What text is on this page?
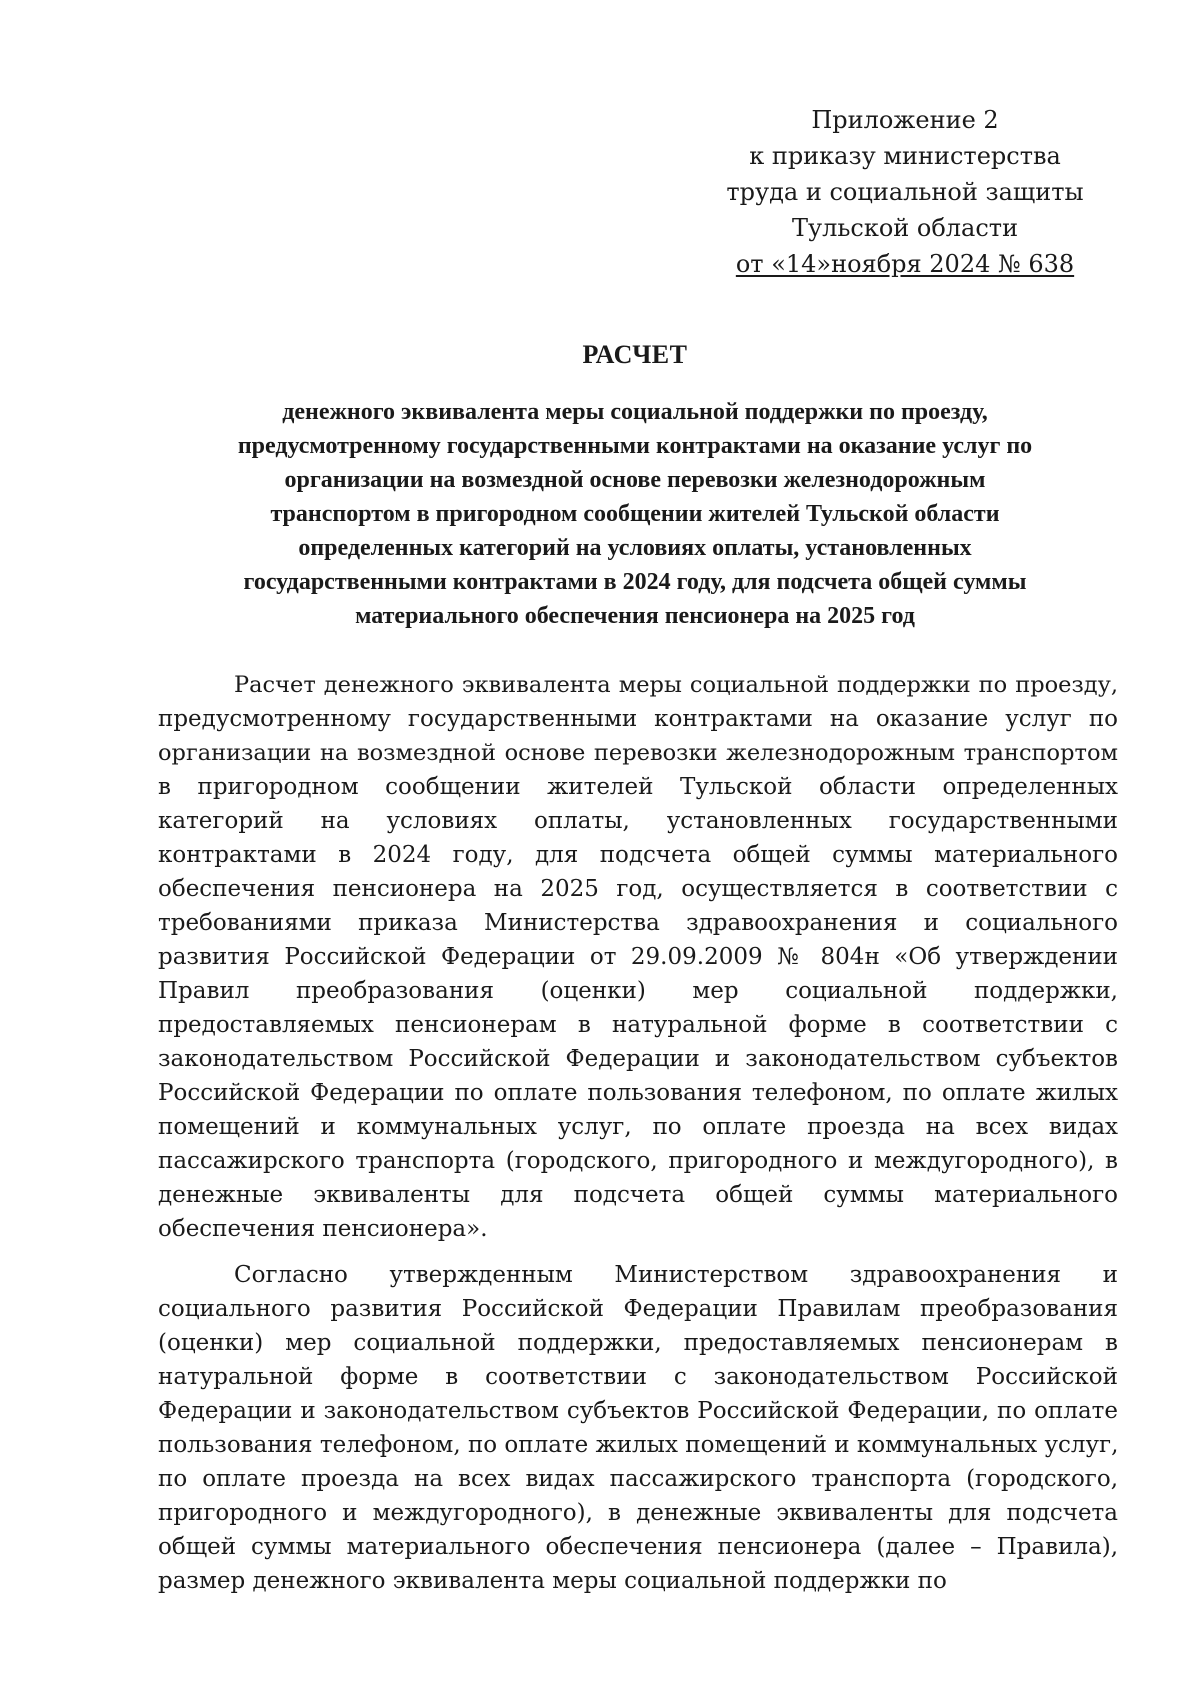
Приложение 2
к приказу министерства
труда и социальной защиты
Тульской области
от «14»ноября 2024 № 638
РАСЧЕТ
денежного эквивалента меры социальной поддержки по проезду,
предусмотренному государственными контрактами на оказание услуг по
организации на возмездной основе перевозки железнодорожным
транспортом в пригородном сообщении жителей Тульской области
определенных категорий на условиях оплаты, установленных
государственными контрактами в 2024 году, для подсчета общей суммы
материального обеспечения пенсионера на 2025 год
Расчет денежного эквивалента меры социальной поддержки по проезду,
предусмотренному государственными контрактами на оказание услуг по
организации на возмездной основе перевозки железнодорожным транспортом
в пригородном сообщении жителей Тульской области определенных
категорий на условиях оплаты, установленных государственными
контрактами в 2024 году, для подсчета общей суммы материального
обеспечения пенсионера на 2025 год, осуществляется в соответствии с
требованиями приказа Министерства здравоохранения и социального
развития Российской Федерации от 29.09.2009 № 804н «Об утверждении
Правил преобразования (оценки) мер социальной поддержки,
предоставляемых пенсионерам в натуральной форме в соответствии с
законодательством Российской Федерации и законодательством субъектов
Российской Федерации по оплате пользования телефоном, по оплате жилых
помещений и коммунальных услуг, по оплате проезда на всех видах
пассажирского транспорта (городского, пригородного и междугородного), в
денежные эквиваленты для подсчета общей суммы материального
обеспечения пенсионера».
Согласно утвержденным Министерством здравоохранения и
социального развития Российской Федерации Правилам преобразования
(оценки) мер социальной поддержки, предоставляемых пенсионерам в
натуральной форме в соответствии с законодательством Российской
Федерации и законодательством субъектов Российской Федерации, по оплате
пользования телефоном, по оплате жилых помещений и коммунальных услуг,
по оплате проезда на всех видах пассажирского транспорта (городского,
пригородного и междугородного), в денежные эквиваленты для подсчета
общей суммы материального обеспечения пенсионера (далее – Правила),
размер денежного эквивалента меры социальной поддержки по
